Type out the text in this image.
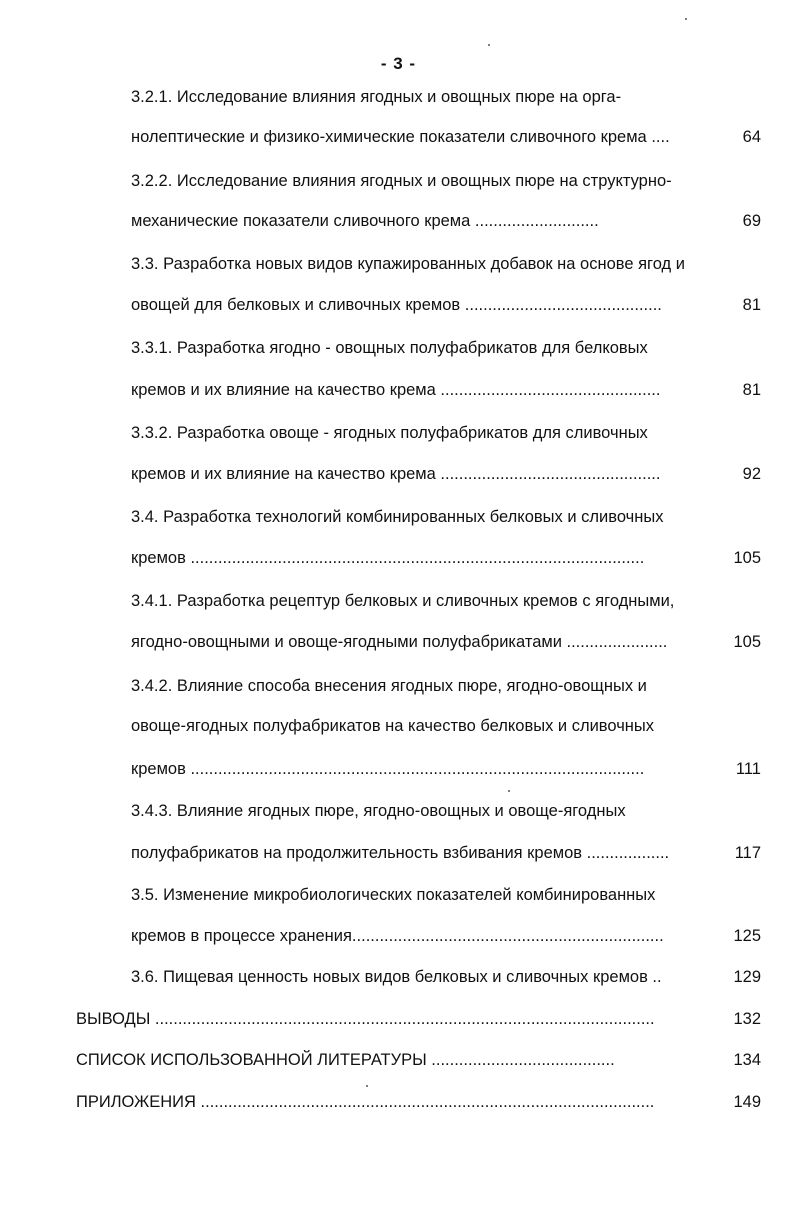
- 3 -
3.2.1. Исследование влияния ягодных и овощных пюре на орга-
нолептические и физико-химические показатели сливочного крема ....	64
3.2.2. Исследование влияния ягодных и овощных пюре на структурно-
механические показатели сливочного крема ...........................	69
3.3. Разработка новых видов купажированных добавок на основе ягод и
овощей для белковых и сливочных кремов ...........................................	81
3.3.1. Разработка ягодно - овощных полуфабрикатов для белковых
кремов и их влияние на качество крема ................................................	81
3.3.2. Разработка овоще - ягодных полуфабрикатов для сливочных
кремов и их влияние на качество крема ................................................	92
3.4. Разработка технологий комбинированных белковых и сливочных
кремов ...................................................................................................	105
3.4.1. Разработка рецептур белковых и сливочных кремов с ягодными,
ягодно-овощными и овоще-ягодными полуфабрикатами ......................	105
3.4.2. Влияние способа внесения ягодных пюре, ягодно-овощных и
овоще-ягодных полуфабрикатов на качество белковых и сливочных
кремов ...................................................................................................	111
3.4.3. Влияние ягодных пюре, ягодно-овощных и овоще-ягодных
полуфабрикатов на продолжительность взбивания кремов ..................	117
3.5. Изменение микробиологических показателей комбинированных
кремов в процессе хранения....................................................................	125
3.6. Пищевая ценность новых видов белковых и сливочных кремов ..	129
ВЫВОДЫ .............................................................................................................	132
СПИСОК ИСПОЛЬЗОВАННОЙ ЛИТЕРАТУРЫ ........................................	134
ПРИЛОЖЕНИЯ ...................................................................................................	149
